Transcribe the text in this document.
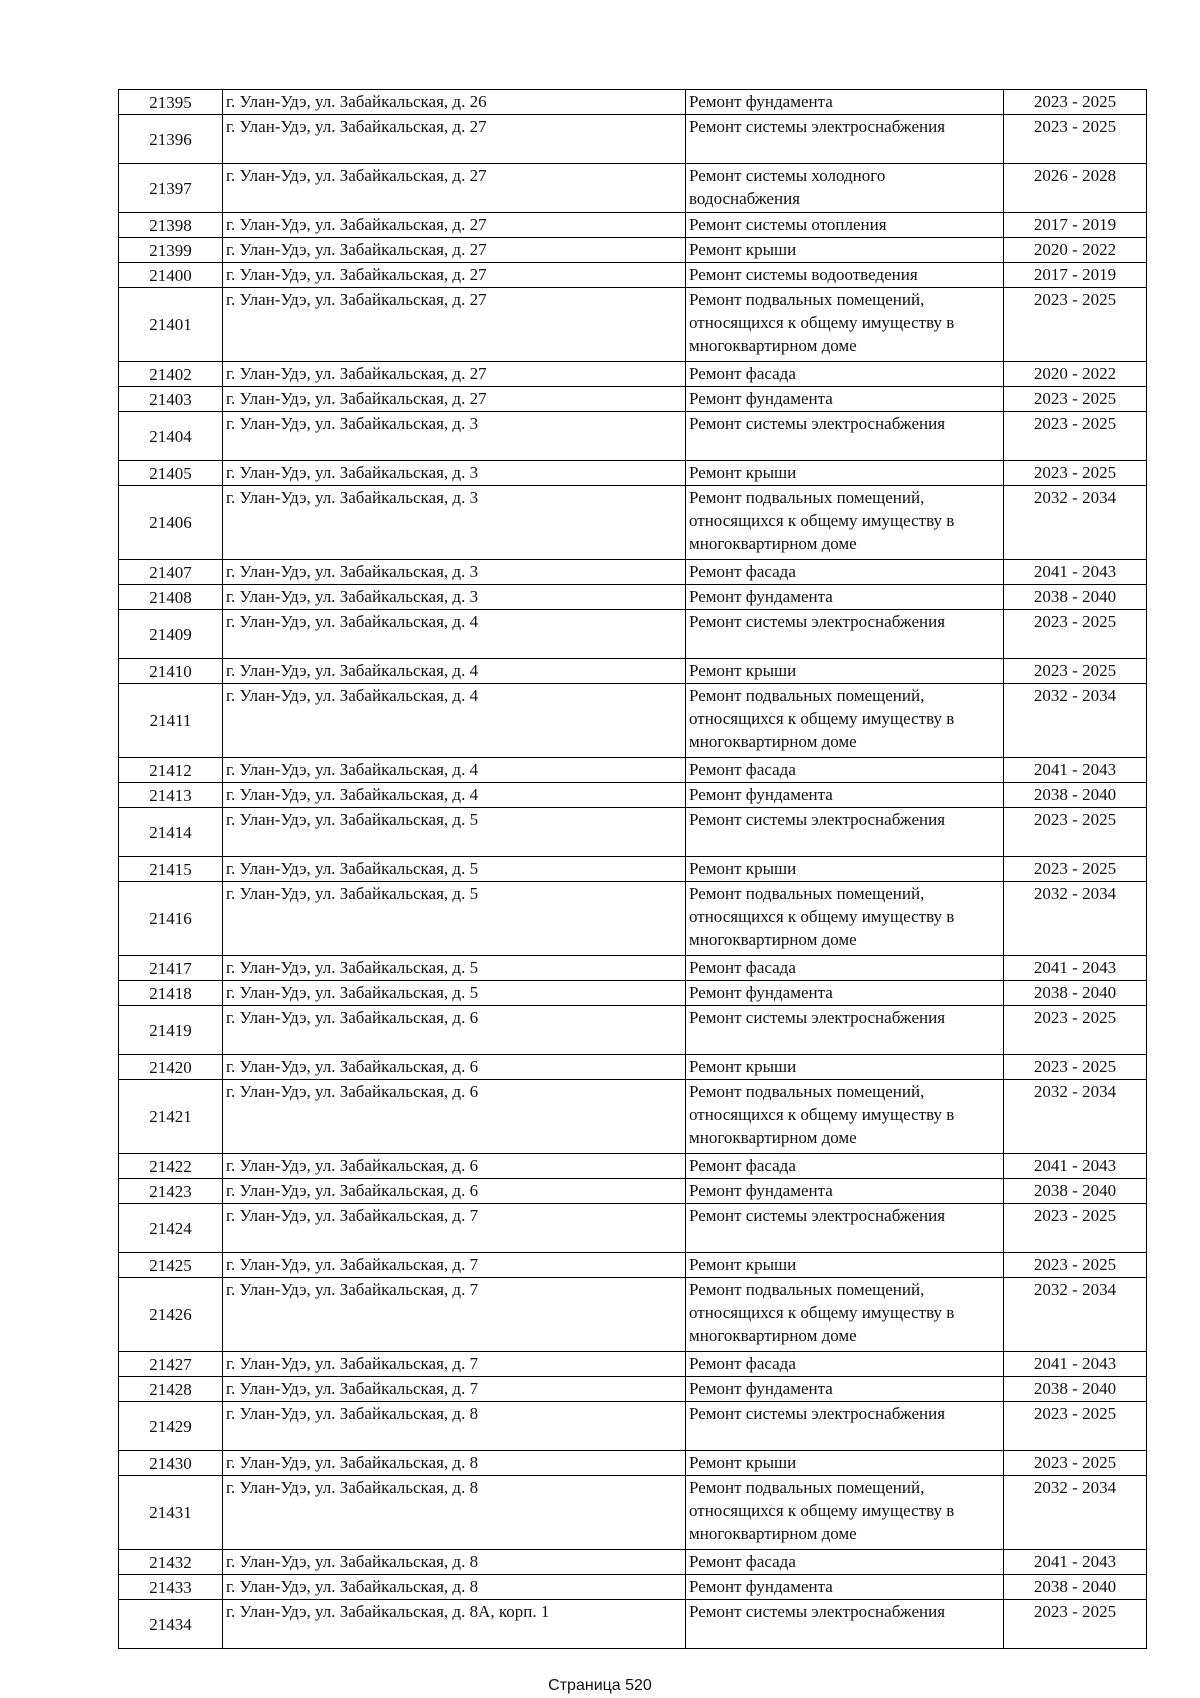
21395	г. Улан-Удэ, ул. Забайкальская, д. 26	Ремонт фундамента	2023 - 2025
21396	г. Улан-Удэ, ул. Забайкальская, д. 27	Ремонт системы электроснабжения	2023 - 2025
21397	г. Улан-Удэ, ул. Забайкальская, д. 27	Ремонт системы холодного водоснабжения	2026 - 2028
21398	г. Улан-Удэ, ул. Забайкальская, д. 27	Ремонт системы отопления	2017 - 2019
21399	г. Улан-Удэ, ул. Забайкальская, д. 27	Ремонт крыши	2020 - 2022
21400	г. Улан-Удэ, ул. Забайкальская, д. 27	Ремонт системы водоотведения	2017 - 2019
21401	г. Улан-Удэ, ул. Забайкальская, д. 27	Ремонт подвальных помещений, относящихся к общему имуществу в многоквартирном доме	2023 - 2025
21402	г. Улан-Удэ, ул. Забайкальская, д. 27	Ремонт фасада	2020 - 2022
21403	г. Улан-Удэ, ул. Забайкальская, д. 27	Ремонт фундамента	2023 - 2025
21404	г. Улан-Удэ, ул. Забайкальская, д. 3	Ремонт системы электроснабжения	2023 - 2025
21405	г. Улан-Удэ, ул. Забайкальская, д. 3	Ремонт крыши	2023 - 2025
21406	г. Улан-Удэ, ул. Забайкальская, д. 3	Ремонт подвальных помещений, относящихся к общему имуществу в многоквартирном доме	2032 - 2034
21407	г. Улан-Удэ, ул. Забайкальская, д. 3	Ремонт фасада	2041 - 2043
21408	г. Улан-Удэ, ул. Забайкальская, д. 3	Ремонт фундамента	2038 - 2040
21409	г. Улан-Удэ, ул. Забайкальская, д. 4	Ремонт системы электроснабжения	2023 - 2025
21410	г. Улан-Удэ, ул. Забайкальская, д. 4	Ремонт крыши	2023 - 2025
21411	г. Улан-Удэ, ул. Забайкальская, д. 4	Ремонт подвальных помещений, относящихся к общему имуществу в многоквартирном доме	2032 - 2034
21412	г. Улан-Удэ, ул. Забайкальская, д. 4	Ремонт фасада	2041 - 2043
21413	г. Улан-Удэ, ул. Забайкальская, д. 4	Ремонт фундамента	2038 - 2040
21414	г. Улан-Удэ, ул. Забайкальская, д. 5	Ремонт системы электроснабжения	2023 - 2025
21415	г. Улан-Удэ, ул. Забайкальская, д. 5	Ремонт крыши	2023 - 2025
21416	г. Улан-Удэ, ул. Забайкальская, д. 5	Ремонт подвальных помещений, относящихся к общему имуществу в многоквартирном доме	2032 - 2034
21417	г. Улан-Удэ, ул. Забайкальская, д. 5	Ремонт фасада	2041 - 2043
21418	г. Улан-Удэ, ул. Забайкальская, д. 5	Ремонт фундамента	2038 - 2040
21419	г. Улан-Удэ, ул. Забайкальская, д. 6	Ремонт системы электроснабжения	2023 - 2025
21420	г. Улан-Удэ, ул. Забайкальская, д. 6	Ремонт крыши	2023 - 2025
21421	г. Улан-Удэ, ул. Забайкальская, д. 6	Ремонт подвальных помещений, относящихся к общему имуществу в многоквартирном доме	2032 - 2034
21422	г. Улан-Удэ, ул. Забайкальская, д. 6	Ремонт фасада	2041 - 2043
21423	г. Улан-Удэ, ул. Забайкальская, д. 6	Ремонт фундамента	2038 - 2040
21424	г. Улан-Удэ, ул. Забайкальская, д. 7	Ремонт системы электроснабжения	2023 - 2025
21425	г. Улан-Удэ, ул. Забайкальская, д. 7	Ремонт крыши	2023 - 2025
21426	г. Улан-Удэ, ул. Забайкальская, д. 7	Ремонт подвальных помещений, относящихся к общему имуществу в многоквартирном доме	2032 - 2034
21427	г. Улан-Удэ, ул. Забайкальская, д. 7	Ремонт фасада	2041 - 2043
21428	г. Улан-Удэ, ул. Забайкальская, д. 7	Ремонт фундамента	2038 - 2040
21429	г. Улан-Удэ, ул. Забайкальская, д. 8	Ремонт системы электроснабжения	2023 - 2025
21430	г. Улан-Удэ, ул. Забайкальская, д. 8	Ремонт крыши	2023 - 2025
21431	г. Улан-Удэ, ул. Забайкальская, д. 8	Ремонт подвальных помещений, относящихся к общему имуществу в многоквартирном доме	2032 - 2034
21432	г. Улан-Удэ, ул. Забайкальская, д. 8	Ремонт фасада	2041 - 2043
21433	г. Улан-Удэ, ул. Забайкальская, д. 8	Ремонт фундамента	2038 - 2040
21434	г. Улан-Удэ, ул. Забайкальская, д. 8А, корп. 1	Ремонт системы электроснабжения	2023 - 2025
Страница 520
